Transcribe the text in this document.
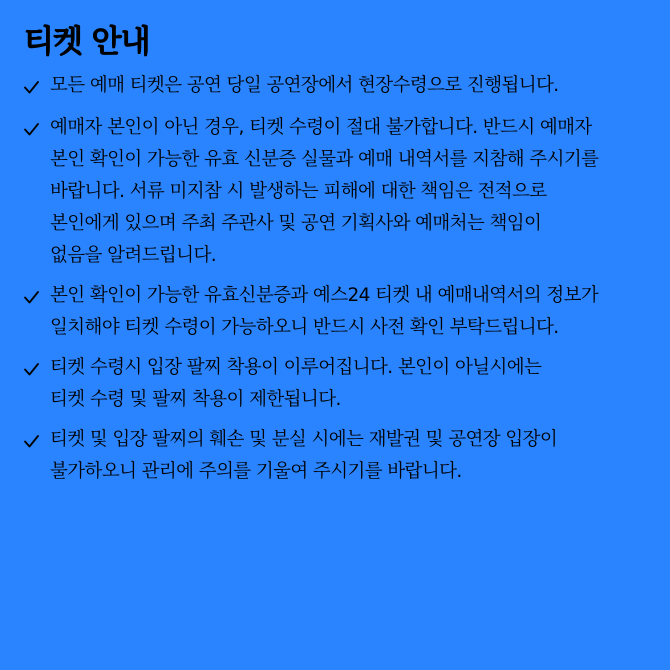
티켓 안내
모든 예매 티켓은 공연 당일 공연장에서 현장수령으로 진행됩니다.
예매자 본인이 아닌 경우, 티켓 수령이 절대 불가합니다. 반드시 예매자
본인 확인이 가능한 유효 신분증 실물과 예매 내역서를 지참해 주시기를
바랍니다. 서류 미지참 시 발생하는 피해에 대한 책임은 전적으로
본인에게 있으며 주최 주관사 및 공연 기획사와 예매처는 책임이
없음을 알려드립니다.
본인 확인이 가능한 유효신분증과 예스24 티켓 내 예매내역서의 정보가
일치해야 티켓 수령이 가능하오니 반드시 사전 확인 부탁드립니다.
티켓 수령시 입장 팔찌 착용이 이루어집니다. 본인이 아닐시에는
티켓 수령 및 팔찌 착용이 제한됩니다.
티켓 및 입장 팔찌의 훼손 및 분실 시에는 재발권 및 공연장 입장이
불가하오니 관리에 주의를 기울여 주시기를 바랍니다.
